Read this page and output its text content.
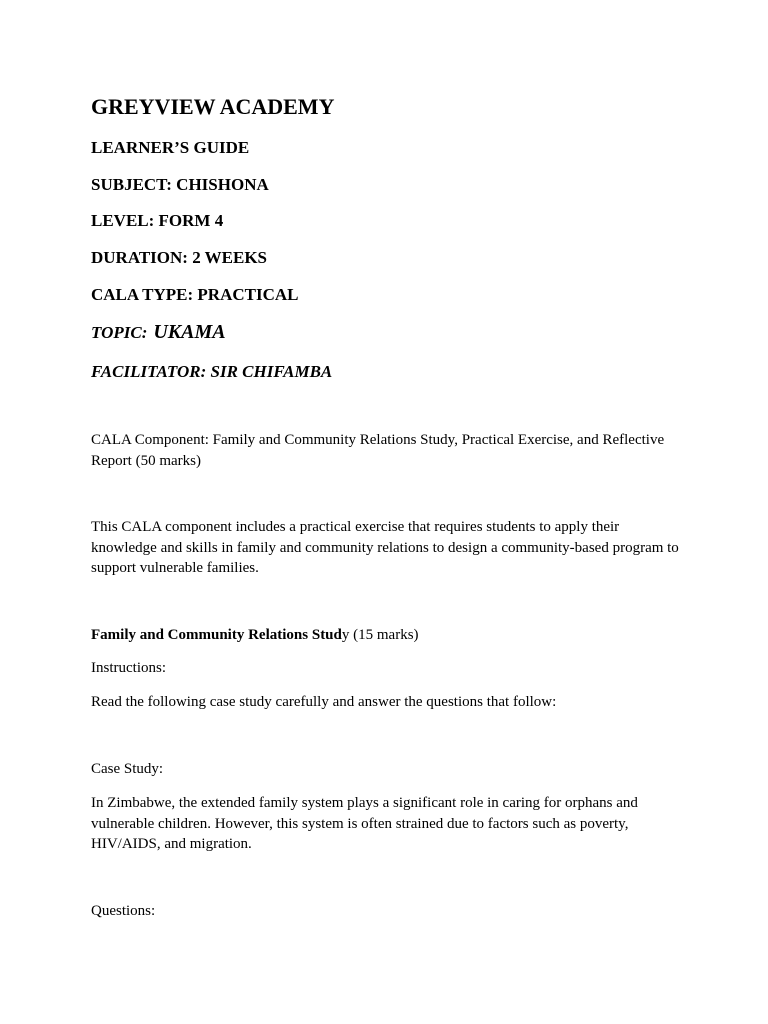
GREYVIEW ACADEMY
LEARNER’S GUIDE
SUBJECT: CHISHONA
LEVEL: FORM 4
DURATION: 2 WEEKS
CALA TYPE: PRACTICAL
TOPIC: UKAMA
FACILITATOR: SIR CHIFAMBA

CALA Component: Family and Community Relations Study, Practical Exercise, and Reflective Report (50 marks)

This CALA component includes a practical exercise that requires students to apply their knowledge and skills in family and community relations to design a community-based program to support vulnerable families.

Family and Community Relations Study (15 marks)

Instructions:

Read the following case study carefully and answer the questions that follow:

Case Study:

In Zimbabwe, the extended family system plays a significant role in caring for orphans and vulnerable children. However, this system is often strained due to factors such as poverty, HIV/AIDS, and migration.

Questions:
